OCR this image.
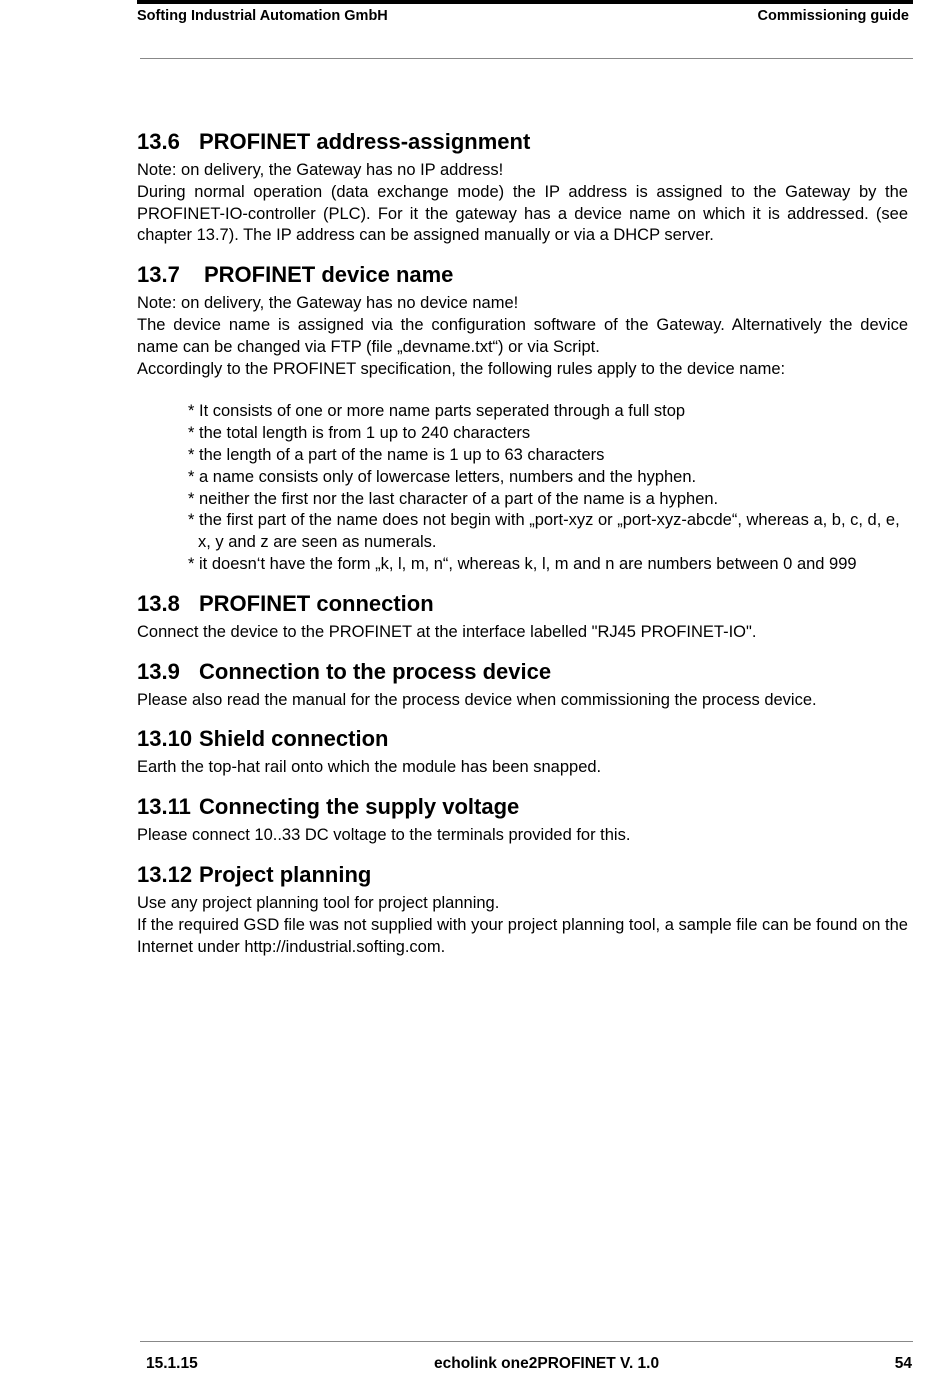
Softing Industrial Automation GmbH	Commissioning guide
13.6 PROFINET address-assignment

Note: on delivery, the Gateway has no IP address!

During normal operation (data exchange mode) the IP address is assigned to the Gateway by the PROFINET-IO-controller (PLC). For it the gateway has a device name on which it is addressed. (see chapter 13.7). The IP address can be assigned manually or via a DHCP server.

13.7 PROFINET device name

Note: on delivery, the Gateway has no device name!

The device name is assigned via the configuration software of the Gateway. Alternatively the device name can be changed via FTP (file „devname.txt“) or via Script.

Accordingly to the PROFINET specification, the following rules apply to the device name:

* It consists of one or more name parts seperated through a full stop
* the total length is from 1 up to 240 characters
* the length of a part of the name is 1 up to 63 characters
* a name consists only of lowercase letters, numbers and the hyphen.
* neither the first nor the last character of a part of the name is a hyphen.
* the first part of the name does not begin with „port-xyz or „port-xyz-abcde“, whereas a, b, c, d, e, x, y and z are seen as numerals.
* it doesn‘t have the form „k, l, m, n“, whereas k, l, m and n are numbers between 0 and 999
13.8 PROFINET connection

Connect the device to the PROFINET at the interface labelled "RJ45 PROFINET-IO".

13.9 Connection to the process device

Please also read the manual for the process device when commissioning the process device.

13.10 Shield connection

Earth the top-hat rail onto which the module has been snapped.

13.11 Connecting the supply voltage

Please connect 10..33 DC voltage to the terminals provided for this.

13.12 Project planning

Use any project planning tool for project planning.

If the required GSD file was not supplied with your project planning tool, a sample file can be found on the Internet under http://industrial.softing.com.

15.1.15	echolink one2PROFINET V. 1.0	54
